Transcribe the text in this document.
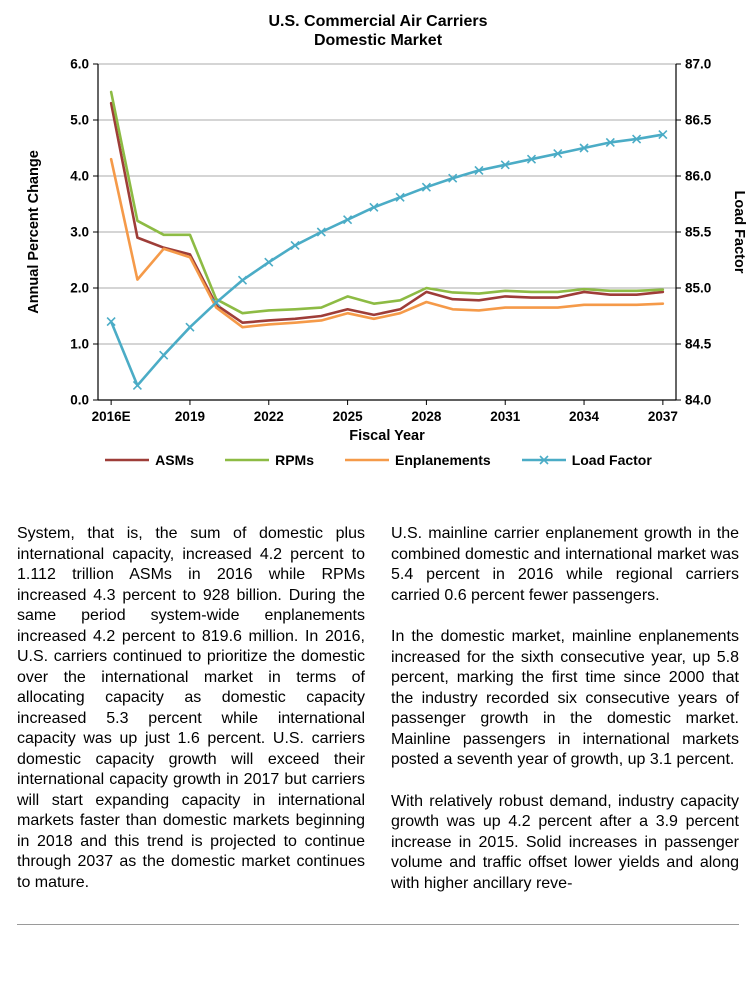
U.S. Commercial Air Carriers
Domestic Market
0.0	84.0
1.0	84.5
2.0	85.0
3.0	85.5
4.0	86.0
5.0	86.5
6.0	87.0
2016E	2019	2022	2025	2028	2031	2034	2037
Annual Percent Change	Load Factor
Fiscal Year
ASMs	RPMs	Enplanements	Load Factor

System, that is, the sum of domestic plus international capacity, increased 4.2 percent to 1.112 trillion ASMs in 2016 while RPMs increased 4.3 percent to 928 billion. During the same period system-wide enplanements increased 4.2 percent to 819.6 million. In 2016, U.S. carriers continued to prioritize the domestic over the international market in terms of allocating capacity as domestic capacity increased 5.3 percent while international capacity was up just 1.6 percent. U.S. carriers domestic capacity growth will exceed their international capacity growth in 2017 but carriers will start expanding capacity in international markets faster than domestic markets beginning in 2018 and this trend is projected to continue through 2037 as the domestic market continues to mature.

U.S. mainline carrier enplanement growth in the combined domestic and international market was 5.4 percent in 2016 while regional carriers carried 0.6 percent fewer passengers.

In the domestic market, mainline enplanements increased for the sixth consecutive year, up 5.8 percent, marking the first time since 2000 that the industry recorded six consecutive years of passenger growth in the domestic market. Mainline passengers in international markets posted a seventh year of growth, up 3.1 percent.

With relatively robust demand, industry capacity growth was up 4.2 percent after a 3.9 percent increase in 2015. Solid increases in passenger volume and traffic offset lower yields and along with higher ancillary reve-
